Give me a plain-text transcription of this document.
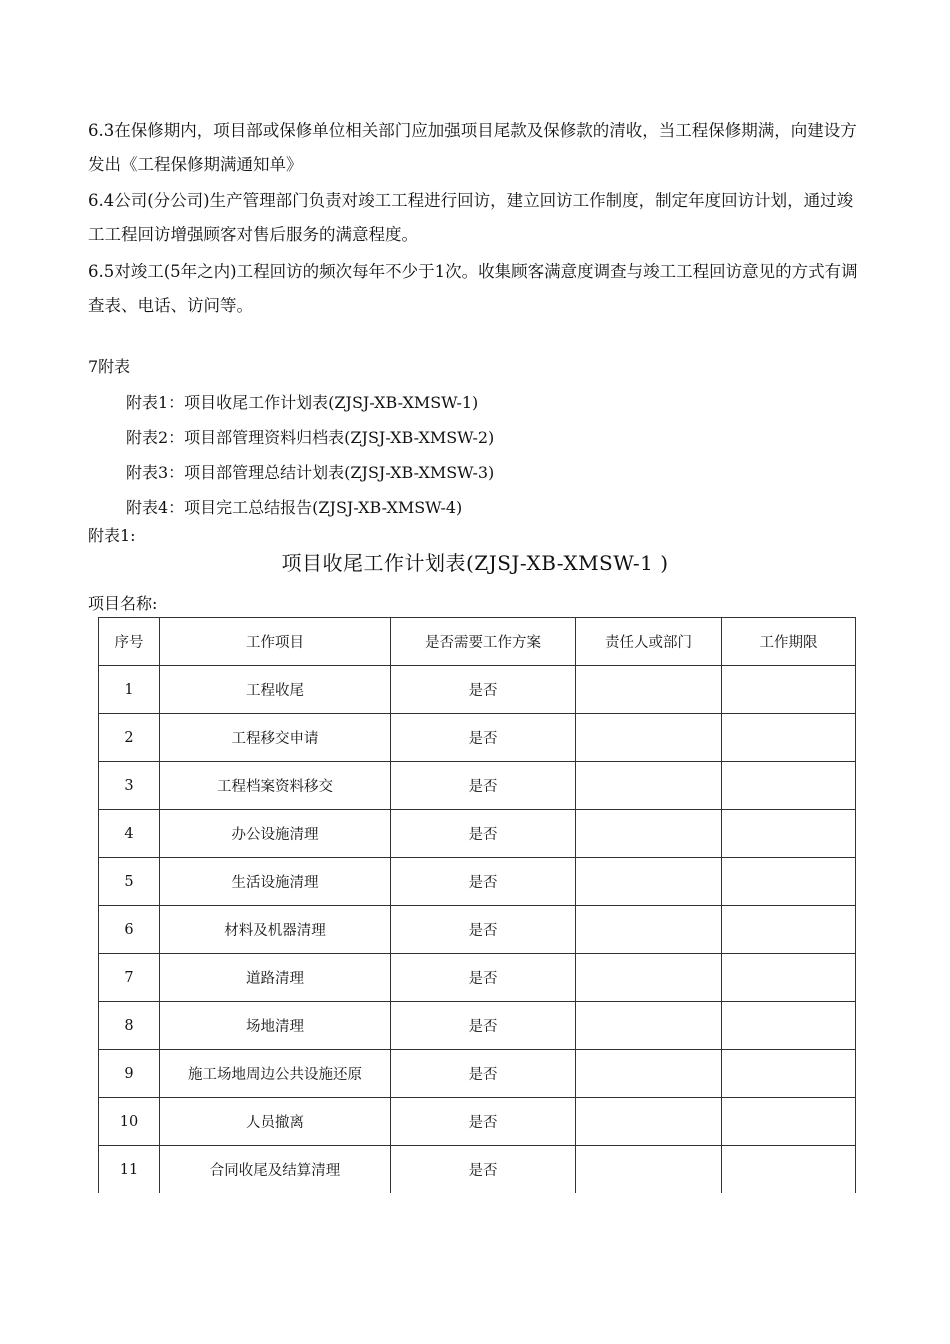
6.3在保修期内，项目部或保修单位相关部门应加强项目尾款及保修款的清收，当工程保修期满，向建设方发出《工程保修期满通知单》
6.4公司(分公司)生产管理部门负责对竣工工程进行回访，建立回访工作制度，制定年度回访计划，通过竣工工程回访增强顾客对售后服务的满意程度。
6.5对竣工(5年之内)工程回访的频次每年不少于1次。收集顾客满意度调查与竣工工程回访意见的方式有调查表、电话、访问等。
7附表
附表1：项目收尾工作计划表(ZJSJ-XB-XMSW-1)
附表2：项目部管理资料归档表(ZJSJ-XB-XMSW-2)
附表3：项目部管理总结计划表(ZJSJ-XB-XMSW-3)
附表4：项目完工总结报告(ZJSJ-XB-XMSW-4)
附表1:
项目收尾工作计划表(ZJSJ-XB-XMSW-1 )
项目名称:
序号	工作项目	是否需要工作方案	责任人或部门	工作期限
1	工程收尾	是否		
2	工程移交申请	是否		
3	工程档案资料移交	是否		
4	办公设施清理	是否		
5	生活设施清理	是否		
6	材料及机器清理	是否		
7	道路清理	是否		
8	场地清理	是否		
9	施工场地周边公共设施还原	是否		
10	人员撤离	是否		
11	合同收尾及结算清理	是否		
